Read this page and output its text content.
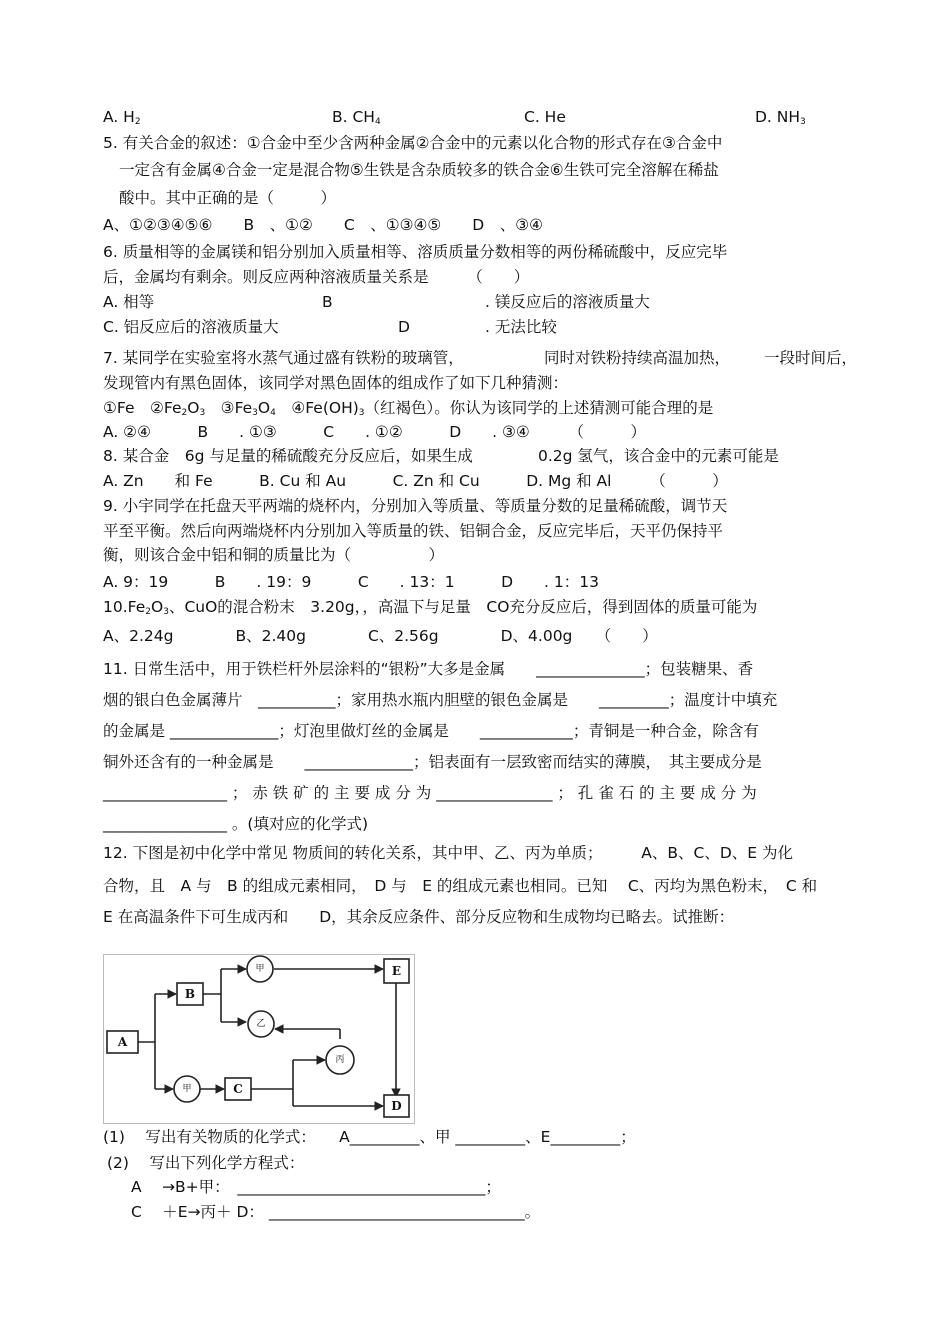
A. $H_2$	B. $CH_4$	C. He	D. $NH_3$
5. 有关合金的叙述：①合金中至少含两种金属②合金中的元素以化合物的形式存在③合金中
一定含有金属④合金一定是混合物⑤生铁是含杂质较多的铁合金⑥生铁可完全溶解在稀盐
酸中。其中正确的是（　　　）
A、①②③④⑤⑥　　B　、①②　　C　、①③④⑤　　D　、③④
6. 质量相等的金属镁和铝分别加入质量相等、溶质质量分数相等的两份稀硫酸中，反应完毕
后，金属均有剩余。则反应两种溶液质量关系是　　　（　　）
A. 相等	B	. 镁反应后的溶液质量大
C. 铝反应后的溶液质量大	D	. 无法比较
7. 某同学在实验室将水蒸气通过盛有铁粉的玻璃管，	同时对铁粉持续高温加热， 一段时间后，
发现管内有黑色固体，该同学对黑色固体的组成作了如下几种猜测：
①Fe　$②Fe_2O_3$　$③Fe_3O_4$　$④Fe(OH)_3$（红褐色）。你认为该同学的上述猜测可能合理的是
A. ②④　　　B　　. ①③　　　C　　. ①②　　　D　　. ③④　　　（　　　）
8. 某合金　6g 与足量的稀硫酸充分反应后，如果生成	0.2g 氢气，该合金中的元素可能是
A. Zn　　和 Fe　　　B. Cu 和 Au　　　C. Zn 和 Cu　　　D. Mg 和 Al　　　（　　　）
9. 小宇同学在托盘天平两端的烧杯内，分别加入等质量、等质量分数的足量稀硫酸，调节天
平至平衡。然后向两端烧杯内分别加入等质量的铁、铝铜合金，反应完毕后，天平仍保持平
衡，则该合金中铝和铜的质量比为（　　　　　）
A. 9：19　　　B　　. 19：9　　　C　　. 13：1　　　D　　. 1：13
$10.Fe_2O_3$、CuO的混合粉末　3.20g，，高温下与足量　CO充分反应后，得到固体的质量可能为
A、2.24g　　　　B、2.40g　　　　C、2.56g　　　　D、4.00g　　（　　）
11. 日常生活中，用于铁栏杆外层涂料的“银粉”大多是金属　　______________；包装糖果、香
烟的银白色金属薄片　__________；家用热水瓶内胆壁的银色金属是　　_________；温度计中填充
的金属是 ______________；灯泡里做灯丝的金属是　　____________；青铜是一种合金，除含有
铜外还含有的一种金属是　　______________；铝表面有一层致密而结实的薄膜，　其主要成分是
________________ ； 赤 铁 矿 的 主 要 成 分 为 _______________ ； 孔 雀 石 的 主 要 成 分 为
________________ 。(填对应的化学式)
12. 下图是初中化学中常见 物质间的转化关系，其中甲、乙、丙为单质；　　　A、B、C、D、E 为化
合物，且　A 与　B 的组成元素相同，　D 与　E 的组成元素也相同。已知　 C、丙均为黑色粉末，　C 和
E 在高温条件下可生成丙和　　D，其余反应条件、部分反应物和生成物均已略去。试推断：
A
B
C
D
E
甲
乙
丙
甲
(1)　 写出有关物质的化学式：　　A_________、甲 _________、E_________；
(2)　 写出下列化学方程式：
A　 →B+甲：　________________________________；
C　 ＋E→丙＋ D： _________________________________。
